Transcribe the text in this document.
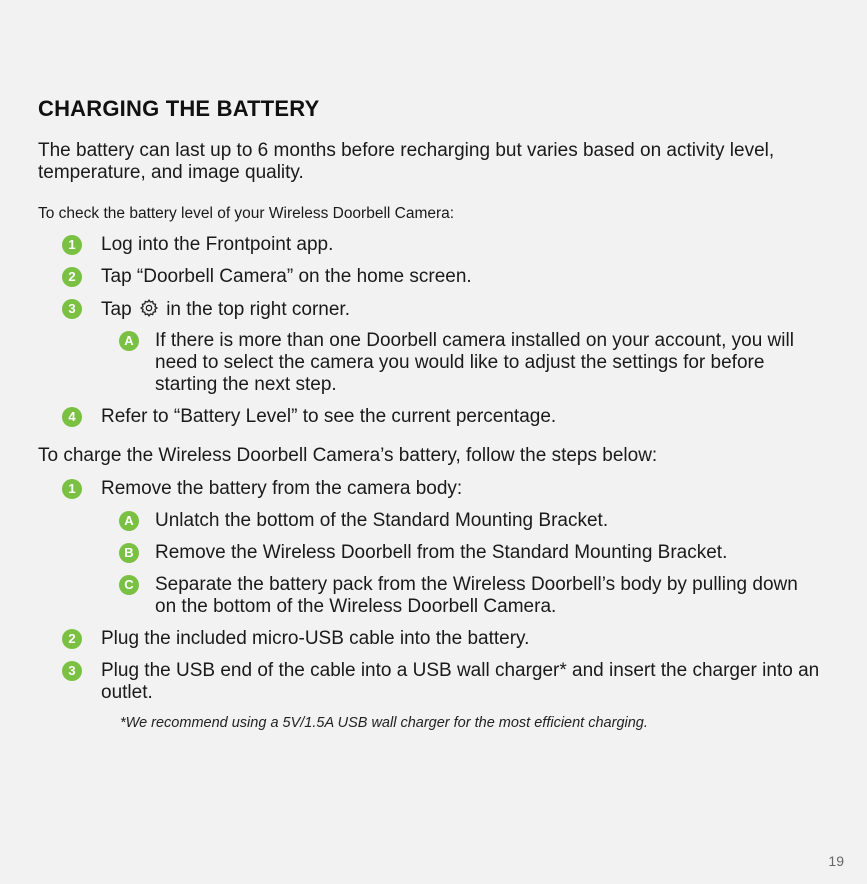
CHARGING THE BATTERY

The battery can last up to 6 months before recharging but varies based on activity level, temperature, and image quality.

To check the battery level of your Wireless Doorbell Camera:

1	Log into the Frontpoint app.
2	Tap “Doorbell Camera” on the home screen.
3	Tap in the top right corner.
A If there is more than one Doorbell camera installed on your account, you will need to select the camera you would like to adjust the settings for before starting the next step.
4	Refer to “Battery Level” to see the current percentage.

To charge the Wireless Doorbell Camera’s battery, follow the steps below:

1	Remove the battery from the camera body:
A Unlatch the bottom of the Standard Mounting Bracket.
B Remove the Wireless Doorbell from the Standard Mounting Bracket.
C Separate the battery pack from the Wireless Doorbell’s body by pulling down on the bottom of the Wireless Doorbell Camera.
2	Plug the included micro-USB cable into the battery.
3	Plug the USB end of the cable into a USB wall charger* and insert the charger into an outlet.

*We recommend using a 5V/1.5A USB wall charger for the most efficient charging.

19
